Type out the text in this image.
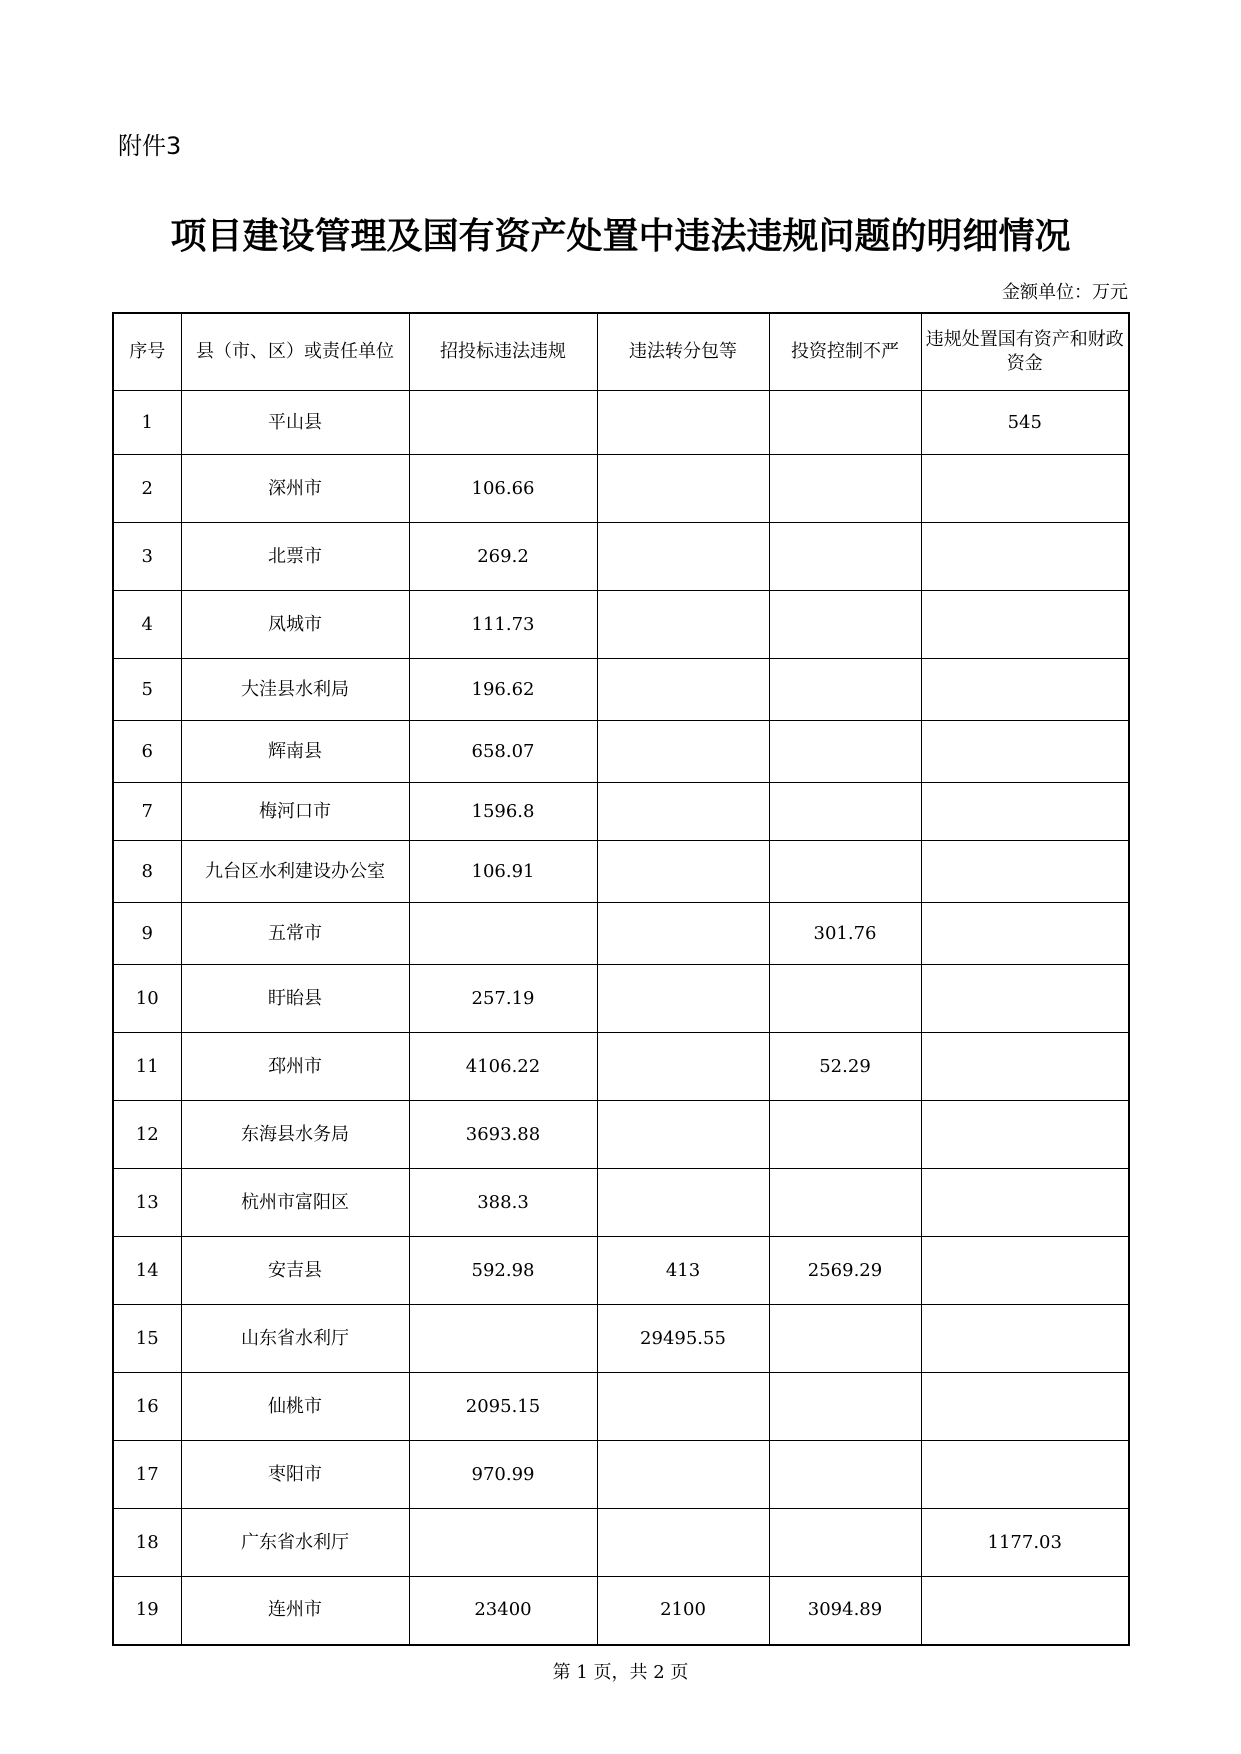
附件3
项目建设管理及国有资产处置中违法违规问题的明细情况
金额单位：万元
序号	县（市、区）或责任单位	招投标违法违规	违法转分包等	投资控制不严	违规处置国有资产和财政资金
1	平山县				545
2	深州市	106.66			
3	北票市	269.2			
4	凤城市	111.73			
5	大洼县水利局	196.62			
6	辉南县	658.07			
7	梅河口市	1596.8			
8	九台区水利建设办公室	106.91			
9	五常市			301.76	
10	盱眙县	257.19			
11	邳州市	4106.22		52.29	
12	东海县水务局	3693.88			
13	杭州市富阳区	388.3			
14	安吉县	592.98	413	2569.29	
15	山东省水利厅		29495.55		
16	仙桃市	2095.15			
17	枣阳市	970.99			
18	广东省水利厅				1177.03
19	连州市	23400	2100	3094.89	
第 1 页，共 2 页
